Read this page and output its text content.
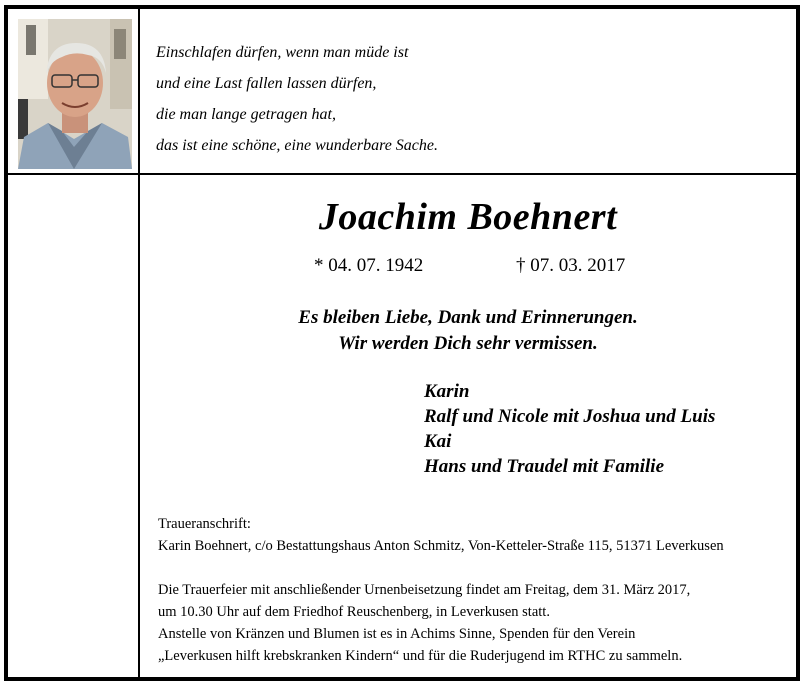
Einschlafen dürfen, wenn man müde ist
und eine Last fallen lassen dürfen,
die man lange getragen hat,
das ist eine schöne, eine wunderbare Sache.
Joachim Boehnert
* 04. 07. 1942	† 07. 03. 2017
Es bleiben Liebe, Dank und Erinnerungen.
Wir werden Dich sehr vermissen.
Karin
Ralf und Nicole mit Joshua und Luis
Kai
Hans und Traudel mit Familie
Traueranschrift:
Karin Boehnert, c/o Bestattungshaus Anton Schmitz, Von-Ketteler-Straße 115, 51371 Leverkusen
Die Trauerfeier mit anschließender Urnenbeisetzung findet am Freitag, dem 31. März 2017,
um 10.30 Uhr auf dem Friedhof Reuschenberg, in Leverkusen statt.
Anstelle von Kränzen und Blumen ist es in Achims Sinne, Spenden für den Verein
„Leverkusen hilft krebskranken Kindern“ und für die Ruderjugend im RTHC zu sammeln.
